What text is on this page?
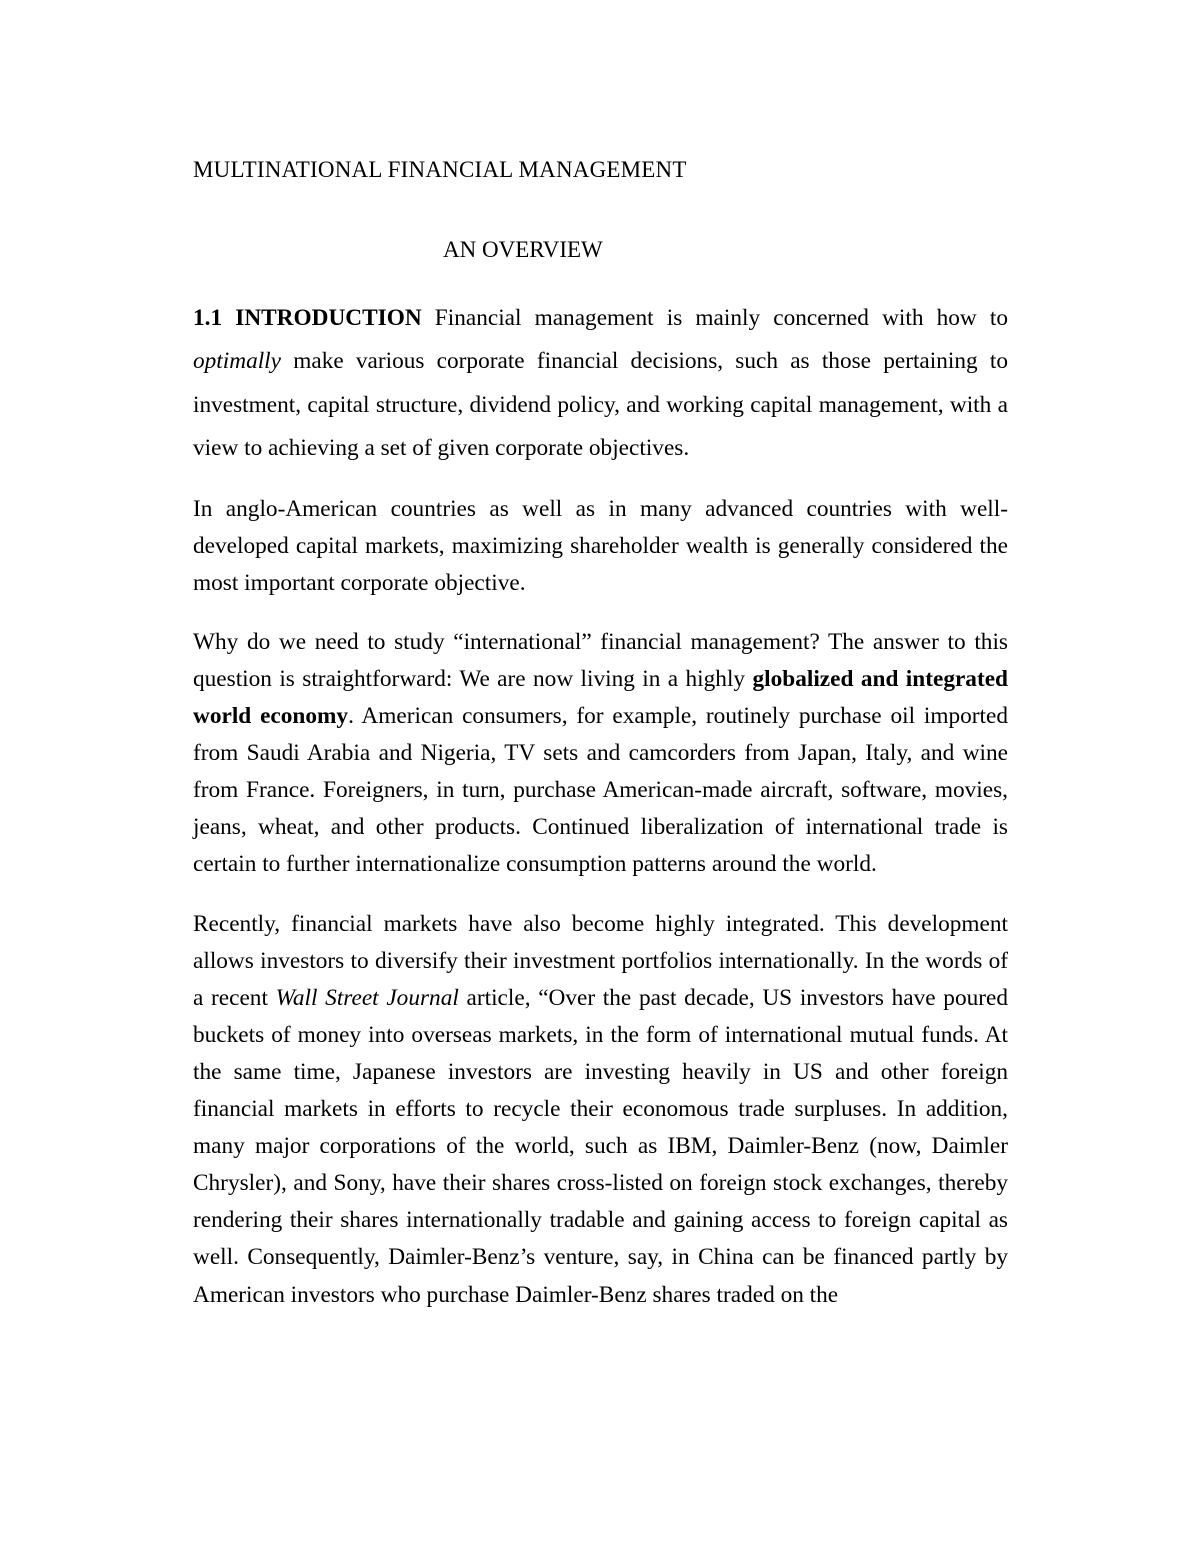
MULTINATIONAL FINANCIAL MANAGEMENT
AN OVERVIEW

1.1 INTRODUCTION Financial management is mainly concerned with how to optimally make various corporate financial decisions, such as those pertaining to investment, capital structure, dividend policy, and working capital management, with a view to achieving a set of given corporate objectives.

In anglo-American countries as well as in many advanced countries with well-developed capital markets, maximizing shareholder wealth is generally considered the most important corporate objective.

Why do we need to study “international” financial management? The answer to this question is straightforward: We are now living in a highly globalized and integrated world economy. American consumers, for example, routinely purchase oil imported from Saudi Arabia and Nigeria, TV sets and camcorders from Japan, Italy, and wine from France. Foreigners, in turn, purchase American-made aircraft, software, movies, jeans, wheat, and other products. Continued liberalization of international trade is certain to further internationalize consumption patterns around the world.

Recently, financial markets have also become highly integrated. This development allows investors to diversify their investment portfolios internationally. In the words of a recent Wall Street Journal article, “Over the past decade, US investors have poured buckets of money into overseas markets, in the form of international mutual funds. At the same time, Japanese investors are investing heavily in US and other foreign financial markets in efforts to recycle their economous trade surpluses. In addition, many major corporations of the world, such as IBM, Daimler-Benz (now, Daimler Chrysler), and Sony, have their shares cross-listed on foreign stock exchanges, thereby rendering their shares internationally tradable and gaining access to foreign capital as well. Consequently, Daimler-Benz’s venture, say, in China can be financed partly by American investors who purchase Daimler-Benz shares traded on the
